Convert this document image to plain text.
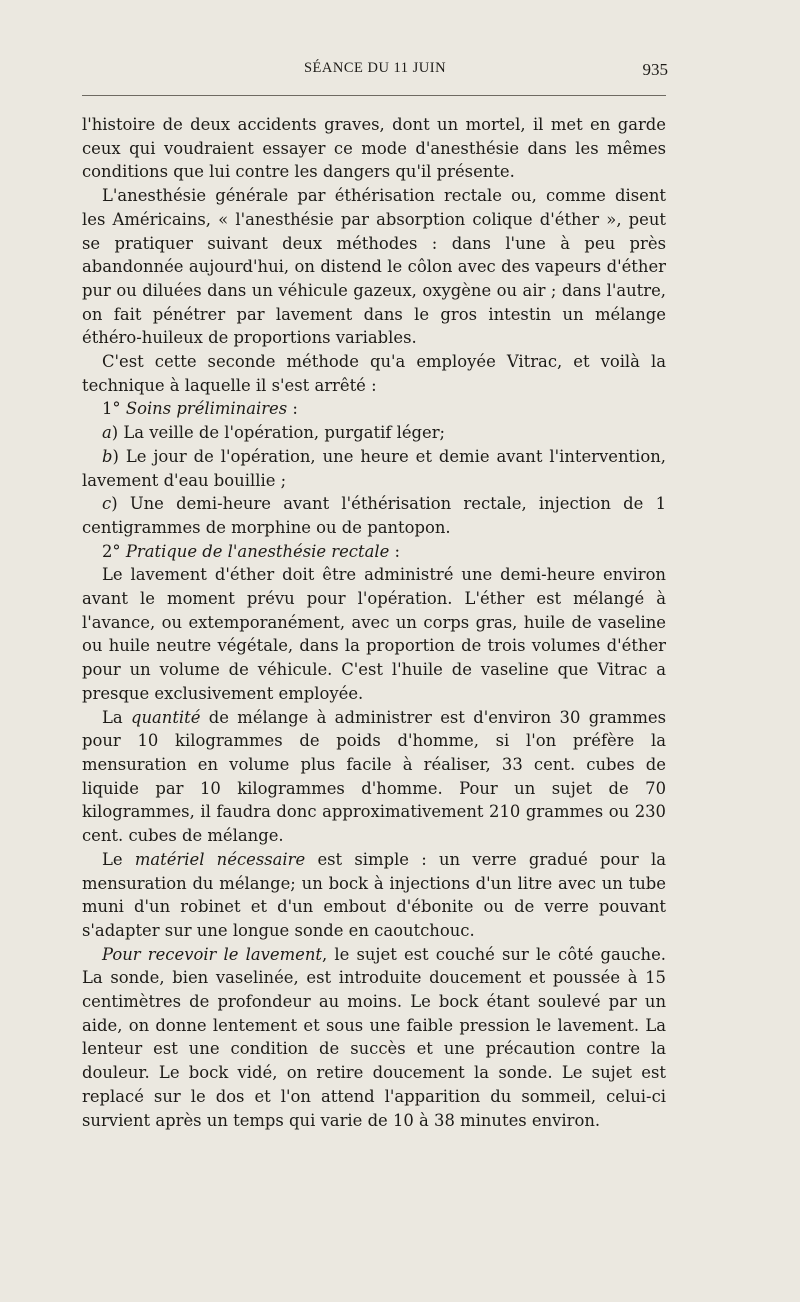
SÉANCE DU 11 JUIN	935

l'histoire de deux accidents graves, dont un mortel, il met en garde ceux qui voudraient essayer ce mode d'anesthésie dans les mêmes conditions que lui contre les dangers qu'il présente.

L'anesthésie générale par éthérisation rectale ou, comme disent les Américains, « l'anesthésie par absorption colique d'éther », peut se pratiquer suivant deux méthodes : dans l'une à peu près abandonnée aujourd'hui, on distend le côlon avec des vapeurs d'éther pur ou diluées dans un véhicule gazeux, oxygène ou air ; dans l'autre, on fait pénétrer par lavement dans le gros intestin un mélange éthéro-huileux de proportions variables.

C'est cette seconde méthode qu'a employée Vitrac, et voilà la technique à laquelle il s'est arrêté :

1° Soins préliminaires :

a) La veille de l'opération, purgatif léger;

b) Le jour de l'opération, une heure et demie avant l'intervention, lavement d'eau bouillie ;

c) Une demi-heure avant l'éthérisation rectale, injection de 1 centigrammes de morphine ou de pantopon.

2° Pratique de l'anesthésie rectale :

Le lavement d'éther doit être administré une demi-heure environ avant le moment prévu pour l'opération. L'éther est mélangé à l'avance, ou extemporanément, avec un corps gras, huile de vaseline ou huile neutre végétale, dans la proportion de trois volumes d'éther pour un volume de véhicule. C'est l'huile de vaseline que Vitrac a presque exclusivement employée.

La quantité de mélange à administrer est d'environ 30 grammes pour 10 kilogrammes de poids d'homme, si l'on préfère la mensuration en volume plus facile à réaliser, 33 cent. cubes de liquide par 10 kilogrammes d'homme. Pour un sujet de 70 kilogrammes, il faudra donc approximativement 210 grammes ou 230 cent. cubes de mélange.

Le matériel nécessaire est simple : un verre gradué pour la mensuration du mélange; un bock à injections d'un litre avec un tube muni d'un robinet et d'un embout d'ébonite ou de verre pouvant s'adapter sur une longue sonde en caoutchouc.

Pour recevoir le lavement, le sujet est couché sur le côté gauche. La sonde, bien vaselinée, est introduite doucement et poussée à 15 centimètres de profondeur au moins. Le bock étant soulevé par un aide, on donne lentement et sous une faible pression le lavement. La lenteur est une condition de succès et une précaution contre la douleur. Le bock vidé, on retire doucement la sonde. Le sujet est replacé sur le dos et l'on attend l'apparition du sommeil, celui-ci survient après un temps qui varie de 10 à 38 minutes environ.
